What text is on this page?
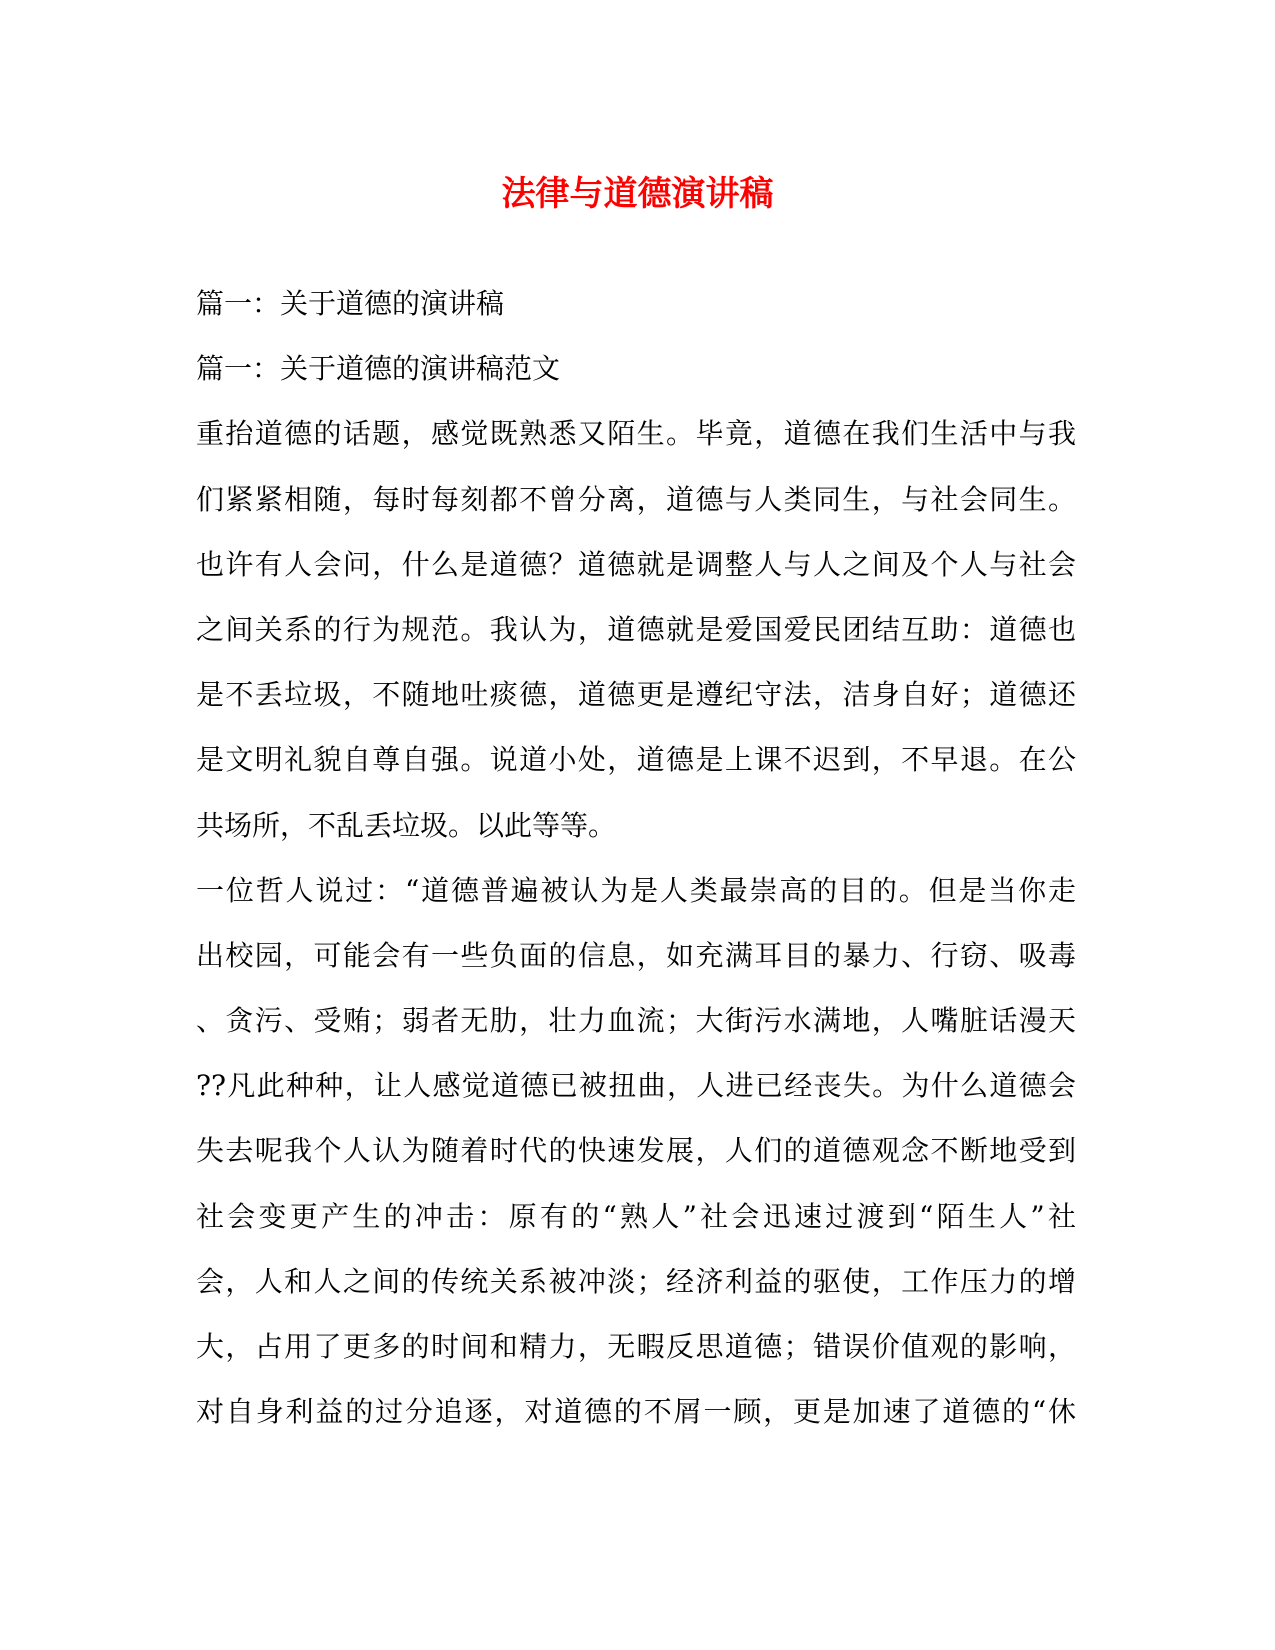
法律与道德演讲稿
篇一：关于道德的演讲稿
篇一：关于道德的演讲稿范文
重抬道德的话题，感觉既熟悉又陌生。毕竟，道德在我们生活中与我
们紧紧相随，每时每刻都不曾分离，道德与人类同生，与社会同生。
也许有人会问，什么是道德？道德就是调整人与人之间及个人与社会
之间关系的行为规范。我认为，道德就是爱国爱民团结互助：道德也
是不丢垃圾，不随地吐痰德，道德更是遵纪守法，洁身自好；道德还
是文明礼貌自尊自强。说道小处，道德是上课不迟到，不早退。在公
共场所，不乱丢垃圾。以此等等。
一位哲人说过：“道德普遍被认为是人类最崇高的目的。但是当你走
出校园，可能会有一些负面的信息，如充满耳目的暴力、行窃、吸毒
、贪污、受贿；弱者无肋，壮力血流；大街污水满地，人嘴脏话漫天
??凡此种种，让人感觉道德已被扭曲，人进已经丧失。为什么道德会
失去呢我个人认为随着时代的快速发展，人们的道德观念不断地受到
社会变更产生的冲击：原有的“熟人”社会迅速过渡到“陌生人”社
会，人和人之间的传统关系被冲淡；经济利益的驱使，工作压力的增
大，占用了更多的时间和精力，无暇反思道德；错误价值观的影响，
对自身利益的过分追逐，对道德的不屑一顾，更是加速了道德的“休
